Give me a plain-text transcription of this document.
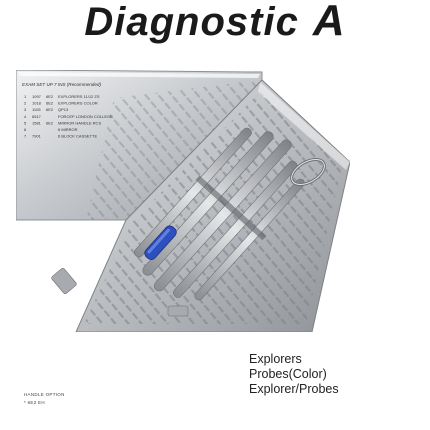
Diagnostic A
EXAM SET UP 7 INS (Recommended)
1 1097 6E2 EXPLORERS 11/12 ZS
2 1018 6E2 EXPLORERS COLOR
3 1105 6E2 QP13
4 6517	FORCEP LONDON COLLEGE
5 1581 6E2 MIRROR HANDLE RCS
6	6 MIRROR
7 7901	6 BLOCK CASSETTE
Explorers
Probes(Color)
Explorer/Probes
HANDLE OPTION
* 6E2 EH
